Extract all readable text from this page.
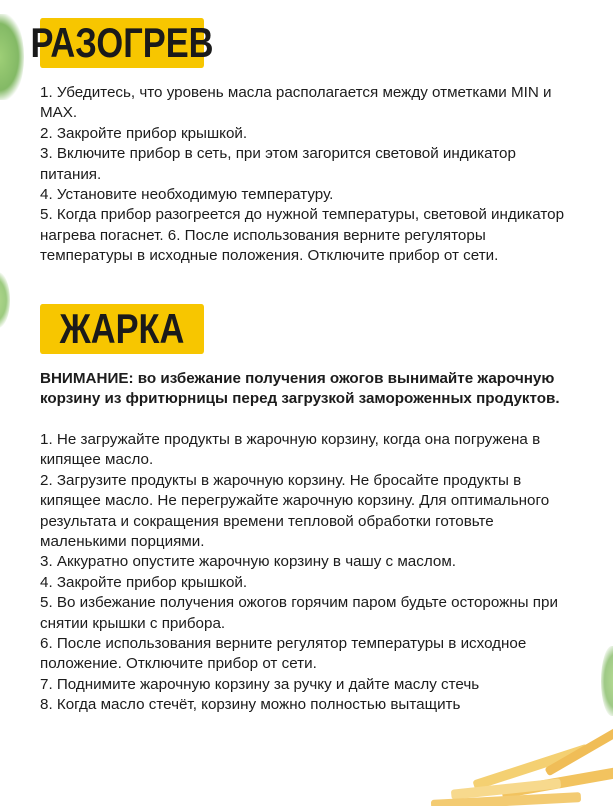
РАЗОГРЕВ

1. Убедитесь, что уровень масла располагается между отметками MIN и MAX.

2. Закройте прибор крышкой.

3. Включите прибор в сеть, при этом загорится световой индикатор питания.

4. Установите необходимую температуру.

5. Когда прибор разогреется до нужной температуры, световой индикатор нагрева погаснет. 6. После использования верните регуляторы температуры в исходные положения. Отключите прибор от сети.

ЖАРКА

ВНИМАНИЕ: во избежание получения ожогов вынимайте жарочную корзину из фритюрницы перед загрузкой замороженных продуктов.

1. Не загружайте продукты в жарочную корзину, когда она погружена в кипящее масло.

2. Загрузите продукты в жарочную корзину. Не бросайте продукты в кипящее масло. Не перегружайте жарочную корзину. Для оптимального результата и сокращения времени тепловой обработки готовьте маленькими порциями.

3. Аккуратно опустите жарочную корзину в чашу с маслом.

4. Закройте прибор крышкой.

5. Во избежание получения ожогов горячим паром будьте осторожны при снятии крышки с прибора.

6. После использования верните регулятор температуры в исходное положение. Отключите прибор от сети.

7. Поднимите жарочную корзину за ручку и дайте маслу стечь

8. Когда масло стечёт, корзину можно полностью вытащить
